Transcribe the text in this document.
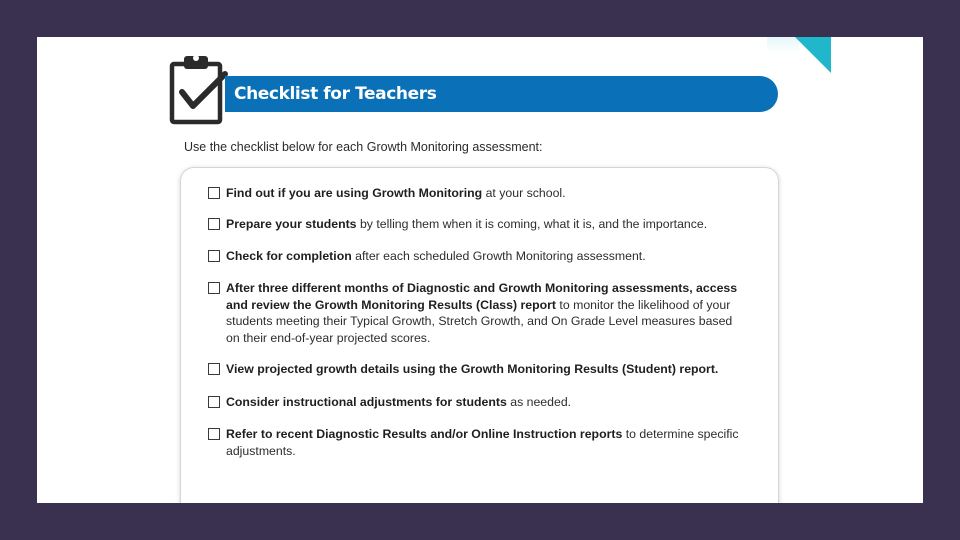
Checklist for Teachers
Use the checklist below for each Growth Monitoring assessment:
Find out if you are using Growth Monitoring at your school.
Prepare your students by telling them when it is coming, what it is, and the importance.
Check for completion after each scheduled Growth Monitoring assessment.
After three different months of Diagnostic and Growth Monitoring assessments, access and review the Growth Monitoring Results (Class) report to monitor the likelihood of your students meeting their Typical Growth, Stretch Growth, and On Grade Level measures based on their end-of-year projected scores.
View projected growth details using the Growth Monitoring Results (Student) report.
Consider instructional adjustments for students as needed.
Refer to recent Diagnostic Results and/or Online Instruction reports to determine specific adjustments.
